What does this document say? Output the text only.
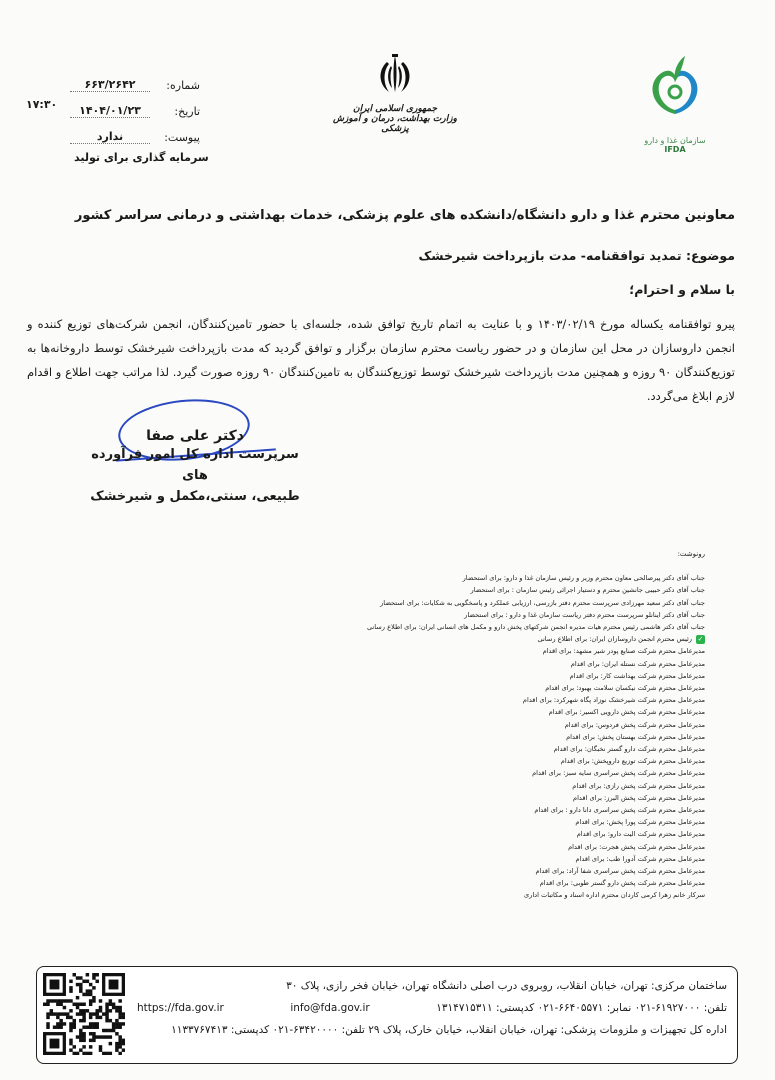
شماره:
۶۶۳/۲۶۴۲
تاریخ:
۱۴۰۴/۰۱/۲۳
پیوست:
ندارد
۱۷:۳۰
سرمایه گذاری برای تولید
جمهوری اسلامی ایران
وزارت بهداشت، درمان و آموزش پزشکی
سازمان غذا و دارو
IFDA
معاونین محترم غذا و دارو دانشگاه/دانشکده های علوم پزشکی، خدمات بهداشتی و درمانی سراسر کشور
موضوع: تمدید توافقنامه- مدت بازپرداخت شیرخشک
با سلام و احترام؛
پیرو توافقنامه یکساله مورخ ۱۴۰۳/۰۲/۱۹ و با عنایت به اتمام تاریخ توافق شده، جلسه‌ای با حضور تامین‌کنندگان، انجمن شرکت‌های توزیع کننده و انجمن داروسازان در محل این سازمان و در حضور ریاست محترم سازمان برگزار و توافق گردید که مدت بازپرداخت شیرخشک توسط داروخانه‌ها به توزیع‌کنندگان ۹۰ روزه و همچنین مدت بازپرداخت شیرخشک توسط توزیع‌کنندگان به تامین‌کنندگان ۹۰ روزه صورت گیرد. لذا مراتب جهت اطلاع و اقدام لازم ابلاغ می‌گردد.
دکتر علی صفا
سرپرست اداره کل امور فرآورده های
طبیعی، سنتی،مکمل و شیرخشک
رونوشت:
جناب آقای دکتر پیرصالحی معاون محترم وزیر و رئیس سازمان غذا و دارو: برای استحضار
جناب آقای دکتر حبیبی جانشین محترم و دستیار اجرائی رئیس سازمان : برای استحضار
جناب آقای دکتر سعید مهرزادی سرپرست محترم دفتر بازرسی، ارزیابی عملکرد و پاسخگویی به شکایات: برای استحضار
جناب آقای دکتر اینانلو سرپرست محترم دفتر ریاست سازمان غذا و دارو : برای استحضار
جناب آقای دکتر هاشمی رئیس محترم هیات مدیره انجمن شرکتهای پخش دارو و مکمل های انسانی ایران: برای اطلاع رسانی
✓رئیس محترم انجمن داروسازان ایران: برای اطلاع رسانی
مدیرعامل محترم شرکت صنایع پودر شیر مشهد: برای اقدام
مدیرعامل محترم شرکت نستله ایران: برای اقدام
مدیرعامل محترم شرکت بهداشت کار: برای اقدام
مدیرعامل محترم شرکت نیکسان سلامت بهبود: برای اقدام
مدیرعامل محترم شرکت شیرخشک نوزاد پگاه شهرکرد: برای اقدام
مدیرعامل محترم شرکت پخش دارویی اکسیر: برای اقدام
مدیرعامل محترم شرکت پخش فردوس: برای اقدام
مدیرعامل محترم شرکت بهستان پخش: برای اقدام
مدیرعامل محترم شرکت دارو گستر نخبگان: برای اقدام
مدیرعامل محترم شرکت توزیع داروپخش: برای اقدام
مدیرعامل محترم شرکت پخش سراسری سایه سبز: برای اقدام
مدیرعامل محترم شرکت پخش رازی: برای اقدام
مدیرعامل محترم شرکت پخش البرز: برای اقدام
مدیرعامل محترم شرکت پخش سراسری دانا دارو : برای اقدام
مدیرعامل محترم شرکت پورا پخش: برای اقدام
مدیرعامل محترم شرکت الیت دارو: برای اقدام
مدیرعامل محترم شرکت پخش هجرت: برای اقدام
مدیرعامل محترم شرکت آدورا طب: برای اقدام
مدیرعامل محترم شرکت پخش سراسری شفا آراد: برای اقدام
مدیرعامل محترم شرکت پخش دارو گستر طوبی: برای اقدام
سرکار خانم زهرا کرمی کاردان محترم اداره اسناد و مکاتبات اداری
ساختمان مرکزی: تهران، خیابان انقلاب، روبروی درب اصلی دانشگاه تهران، خیابان فخر رازی، پلاک ۳۰
https://fda.gov.ir	info@fda.gov.ir	تلفن: ۶۱۹۲۷۰۰۰-۰۲۱ نمابر: ۶۶۴۰۵۵۷۱-۰۲۱ کدپستی: ۱۳۱۴۷۱۵۳۱۱
اداره کل تجهیزات و ملزومات پزشکی: تهران، خیابان انقلاب، خیابان خارک، پلاک ۲۹ تلفن: ۶۳۴۲۰۰۰۰-۰۲۱ کدپستی: ۱۱۳۳۷۶۷۴۱۳
